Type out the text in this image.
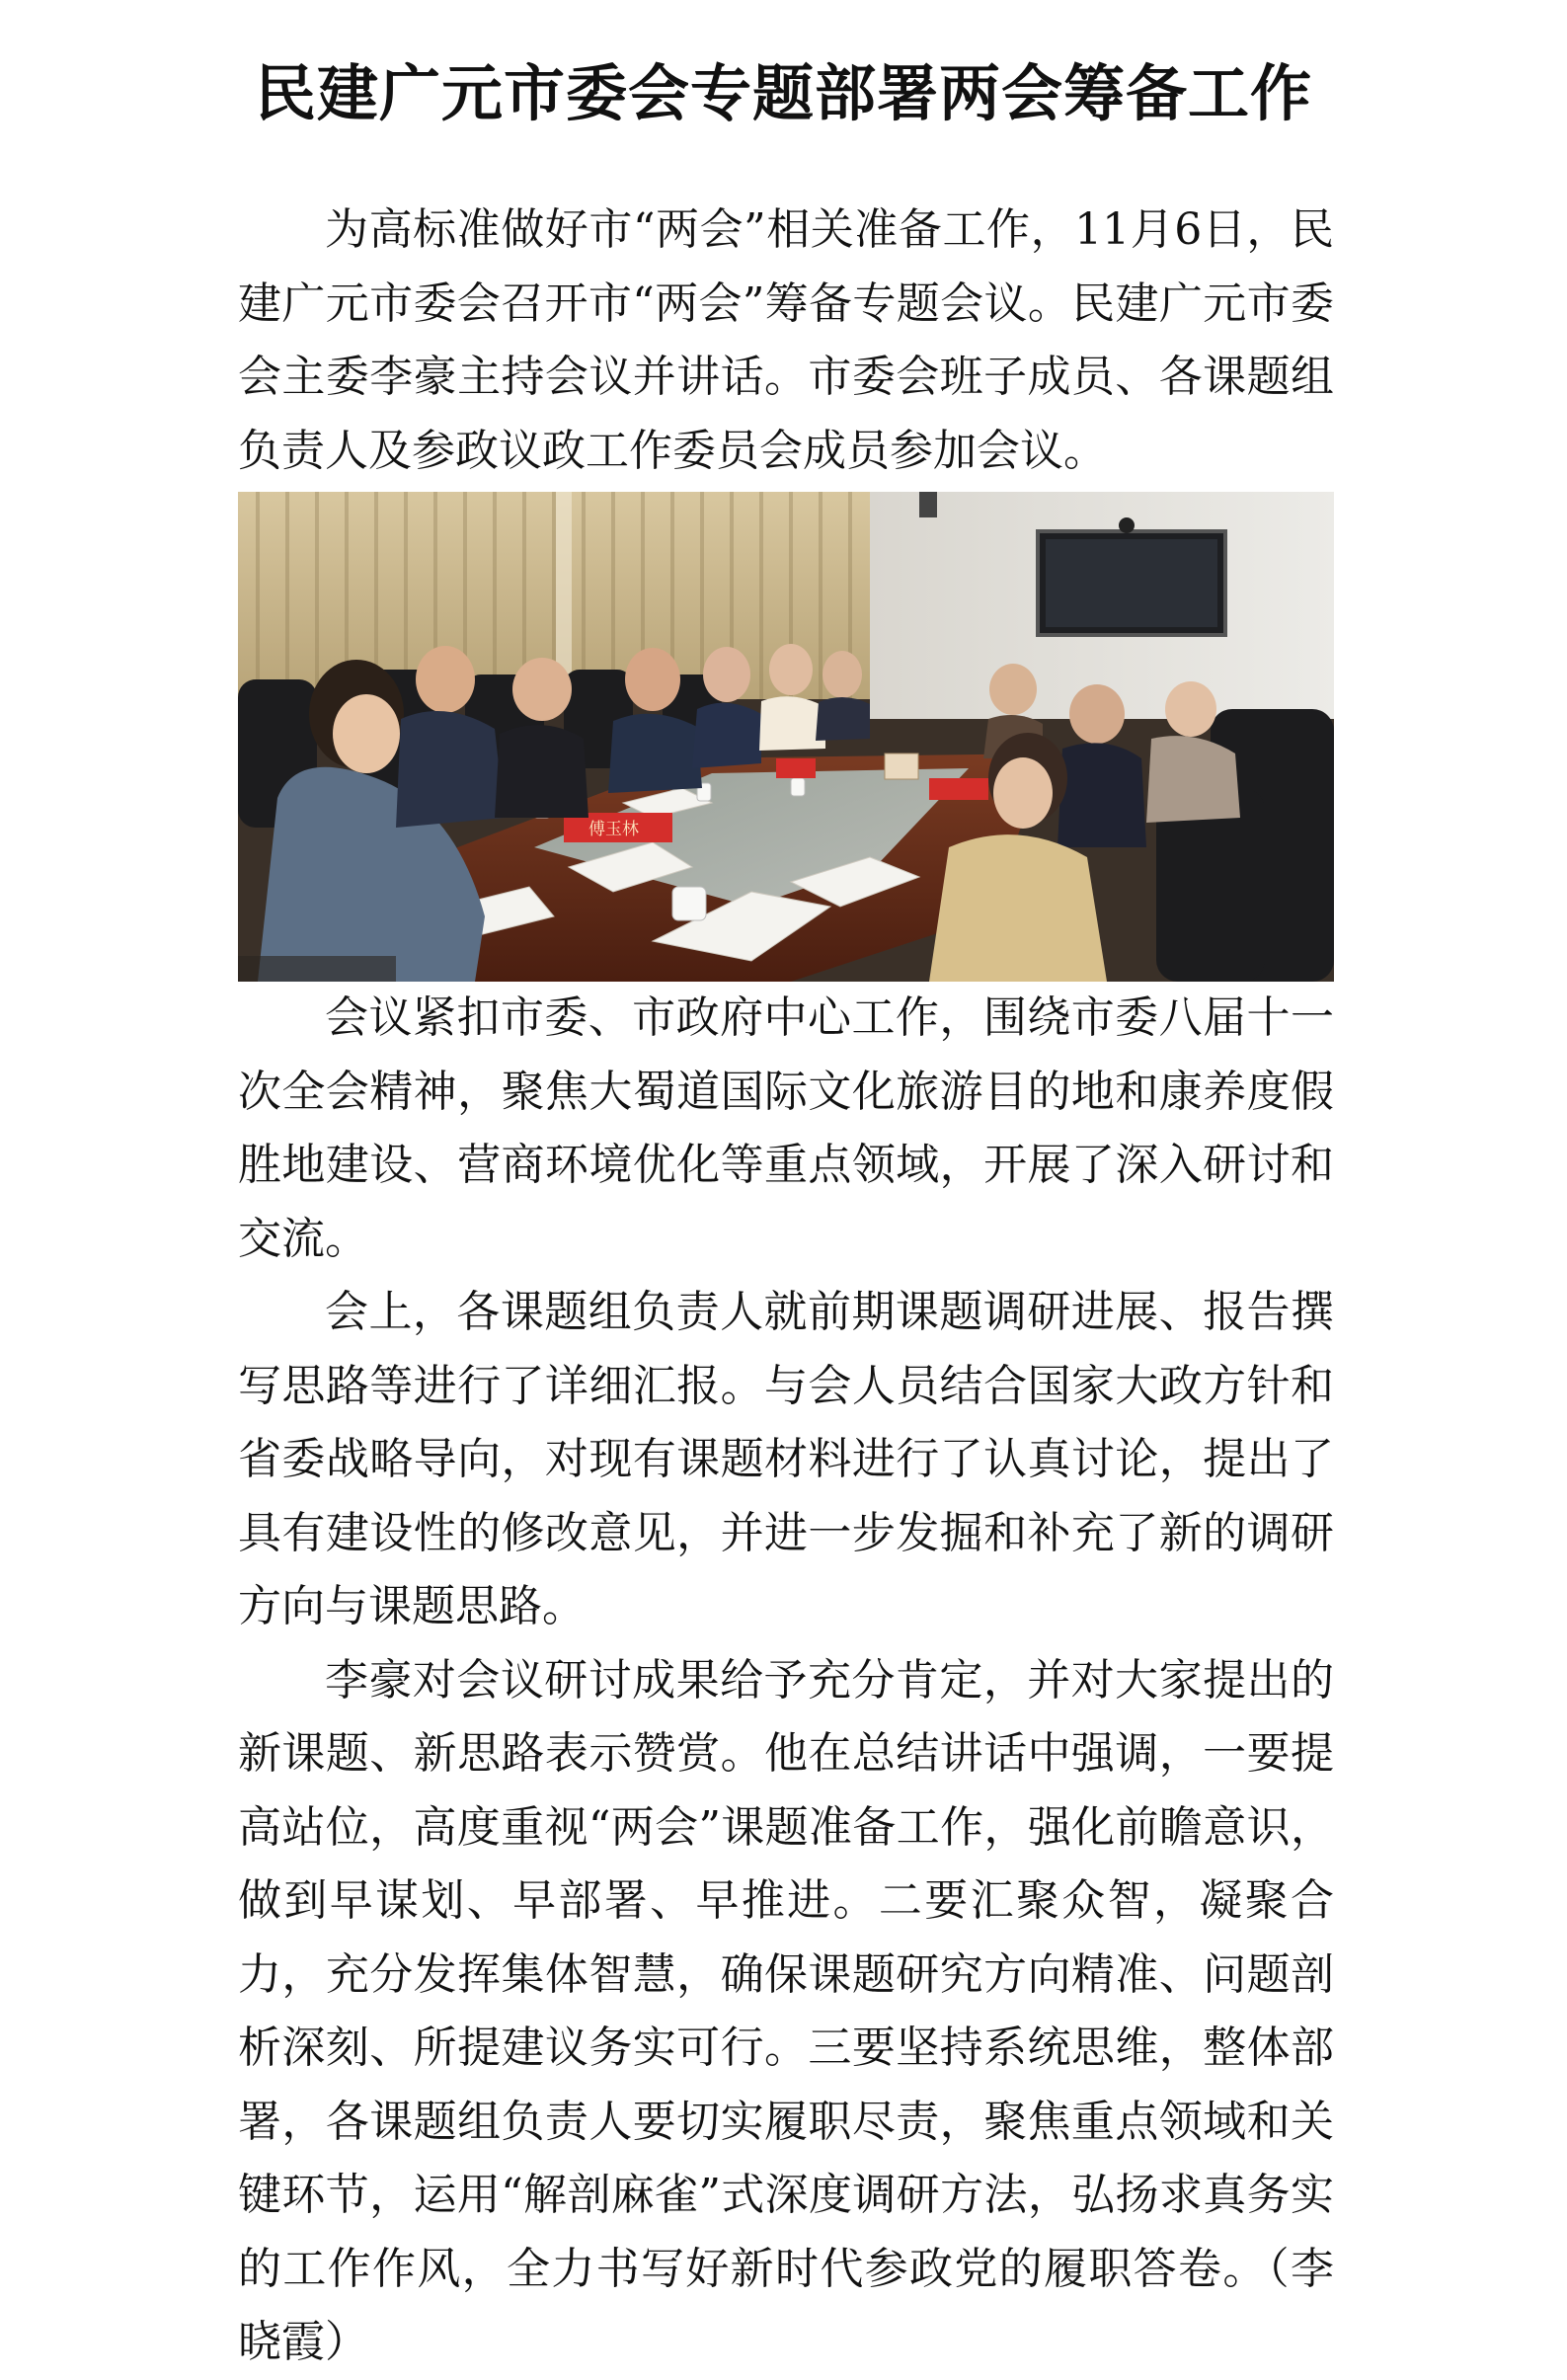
民建广元市委会专题部署两会筹备工作

为高标准做好市“两会”相关准备工作，11月6日，民建广元市委会召开市“两会”筹备专题会议。民建广元市委会主委李豪主持会议并讲话。市委会班子成员、各课题组负责人及参政议政工作委员会成员参加会议。

傅玉林

会议紧扣市委、市政府中心工作，围绕市委八届十一次全会精神，聚焦大蜀道国际文化旅游目的地和康养度假胜地建设、营商环境优化等重点领域，开展了深入研讨和交流。

会上，各课题组负责人就前期课题调研进展、报告撰写思路等进行了详细汇报。与会人员结合国家大政方针和省委战略导向，对现有课题材料进行了认真讨论，提出了具有建设性的修改意见，并进一步发掘和补充了新的调研方向与课题思路。

李豪对会议研讨成果给予充分肯定，并对大家提出的新课题、新思路表示赞赏。他在总结讲话中强调，一要提高站位，高度重视“两会”课题准备工作，强化前瞻意识，做到早谋划、早部署、早推进。二要汇聚众智，凝聚合力，充分发挥集体智慧，确保课题研究方向精准、问题剖析深刻、所提建议务实可行。三要坚持系统思维，整体部署，各课题组负责人要切实履职尽责，聚焦重点领域和关键环节，运用“解剖麻雀”式深度调研方法，弘扬求真务实的工作作风，全力书写好新时代参政党的履职答卷。（李晓霞）
